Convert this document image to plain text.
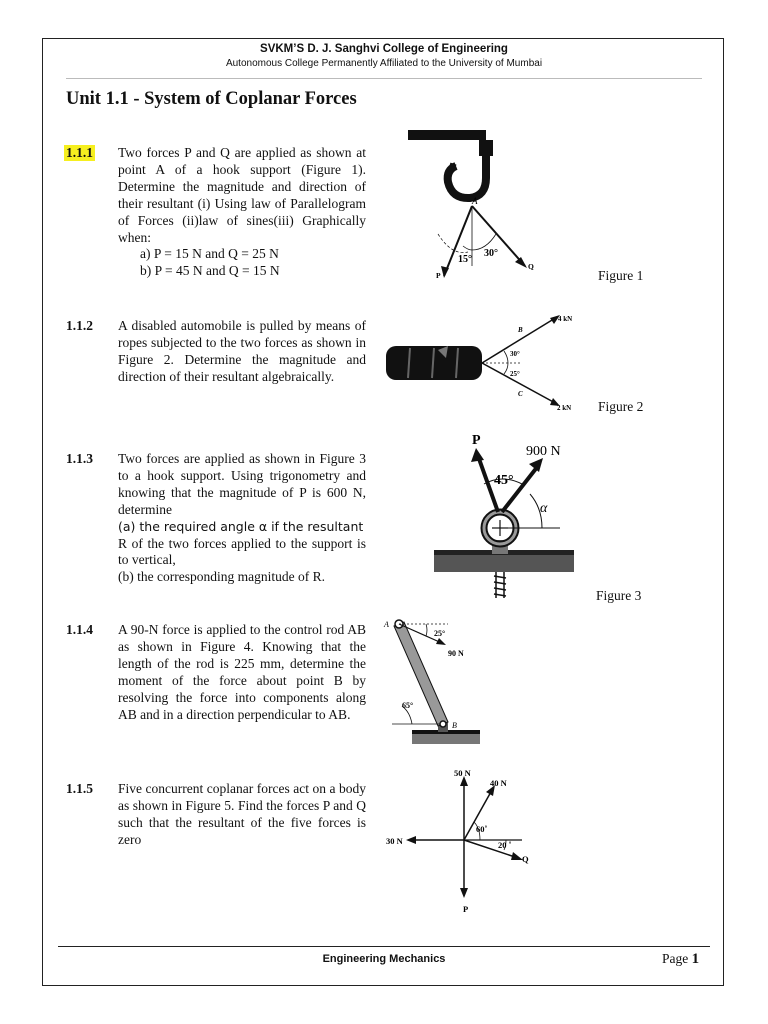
SVKM’S D. J. Sanghvi College of Engineering
Autonomous College Permanently Affiliated to the University of Mumbai
Unit 1.1 - System of Coplanar Forces
1.1.1 Two forces P and Q are applied as shown at point A of a hook support (Figure 1). Determine the magnitude and direction of their resultant (i) Using law of Parallelogram of Forces (ii)law of sines(iii) Graphically when:

a) P = 15 N and Q = 25 N
b) P = 45 N and Q = 15 N
A
P
Q
15°
30°
Figure 1
1.1.2 A disabled automobile is pulled by means of ropes subjected to the two forces as shown in Figure 2. Determine the magnitude and direction of their resultant algebraically.

B
C
4 kN
2 kN
30°
25°
Figure 2
1.1.3 Two forces are applied as shown in Figure 3 to a hook support. Using trigonometry and knowing that the magnitude of P is 600 N, determine

(a) the required angle α if the resultant

R of the two forces applied to the support is to vertical,

(b) the corresponding magnitude of R.

P
900 N
45°
α
Figure 3
1.1.4 A 90-N force is applied to the control rod AB as shown in Figure 4. Knowing that the length of the rod is 225 mm, determine the moment of the force about point B by resolving the force into components along AB and in a direction perpendicular to AB.

A
B
90 N
25°
65°
1.1.5 Five concurrent coplanar forces act on a body as shown in Figure 5. Find the forces P and Q such that the resultant of the five forces is zero

50 N
40 N
30 N
Q
P
60˚
20 ˚
Engineering Mechanics	Page 1
